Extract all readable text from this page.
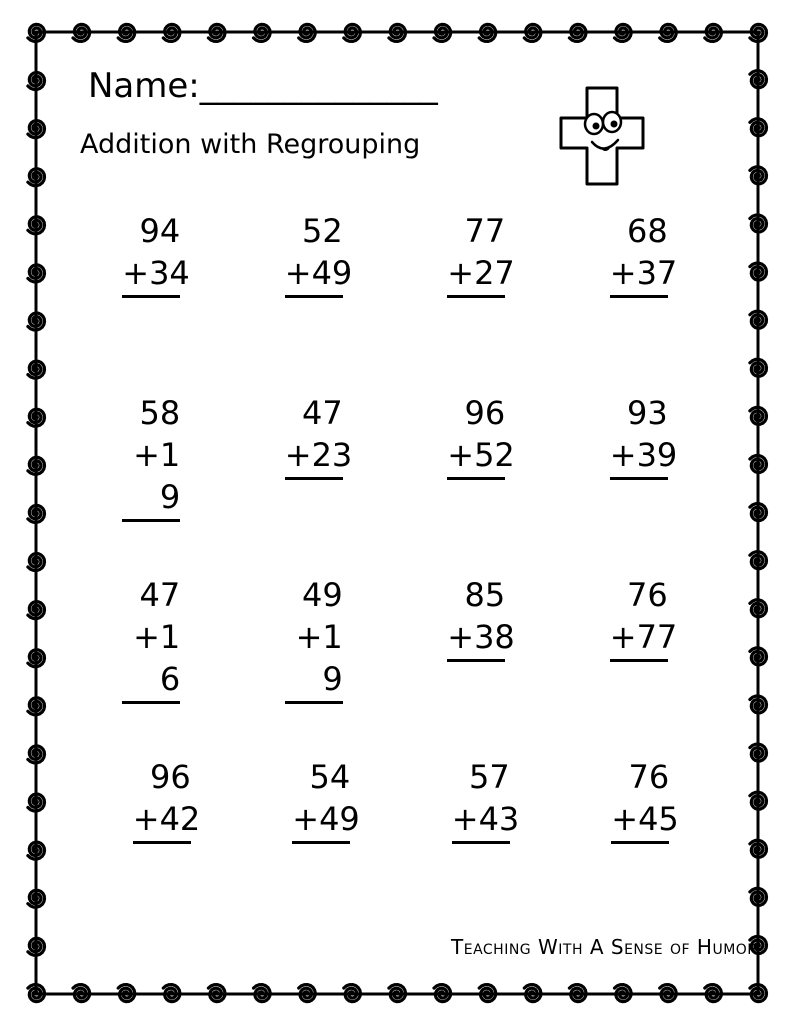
Name:______________
Addition with Regrouping
94
+34
52
+49
77
+27
68
+37
58
+1 9
47
+23
96
+52
93
+39
47
+1 6
49
+1 9
85
+38
76
+77
96
+42
54
+49
57
+43
76
+45
Teaching With A Sense of Humor
